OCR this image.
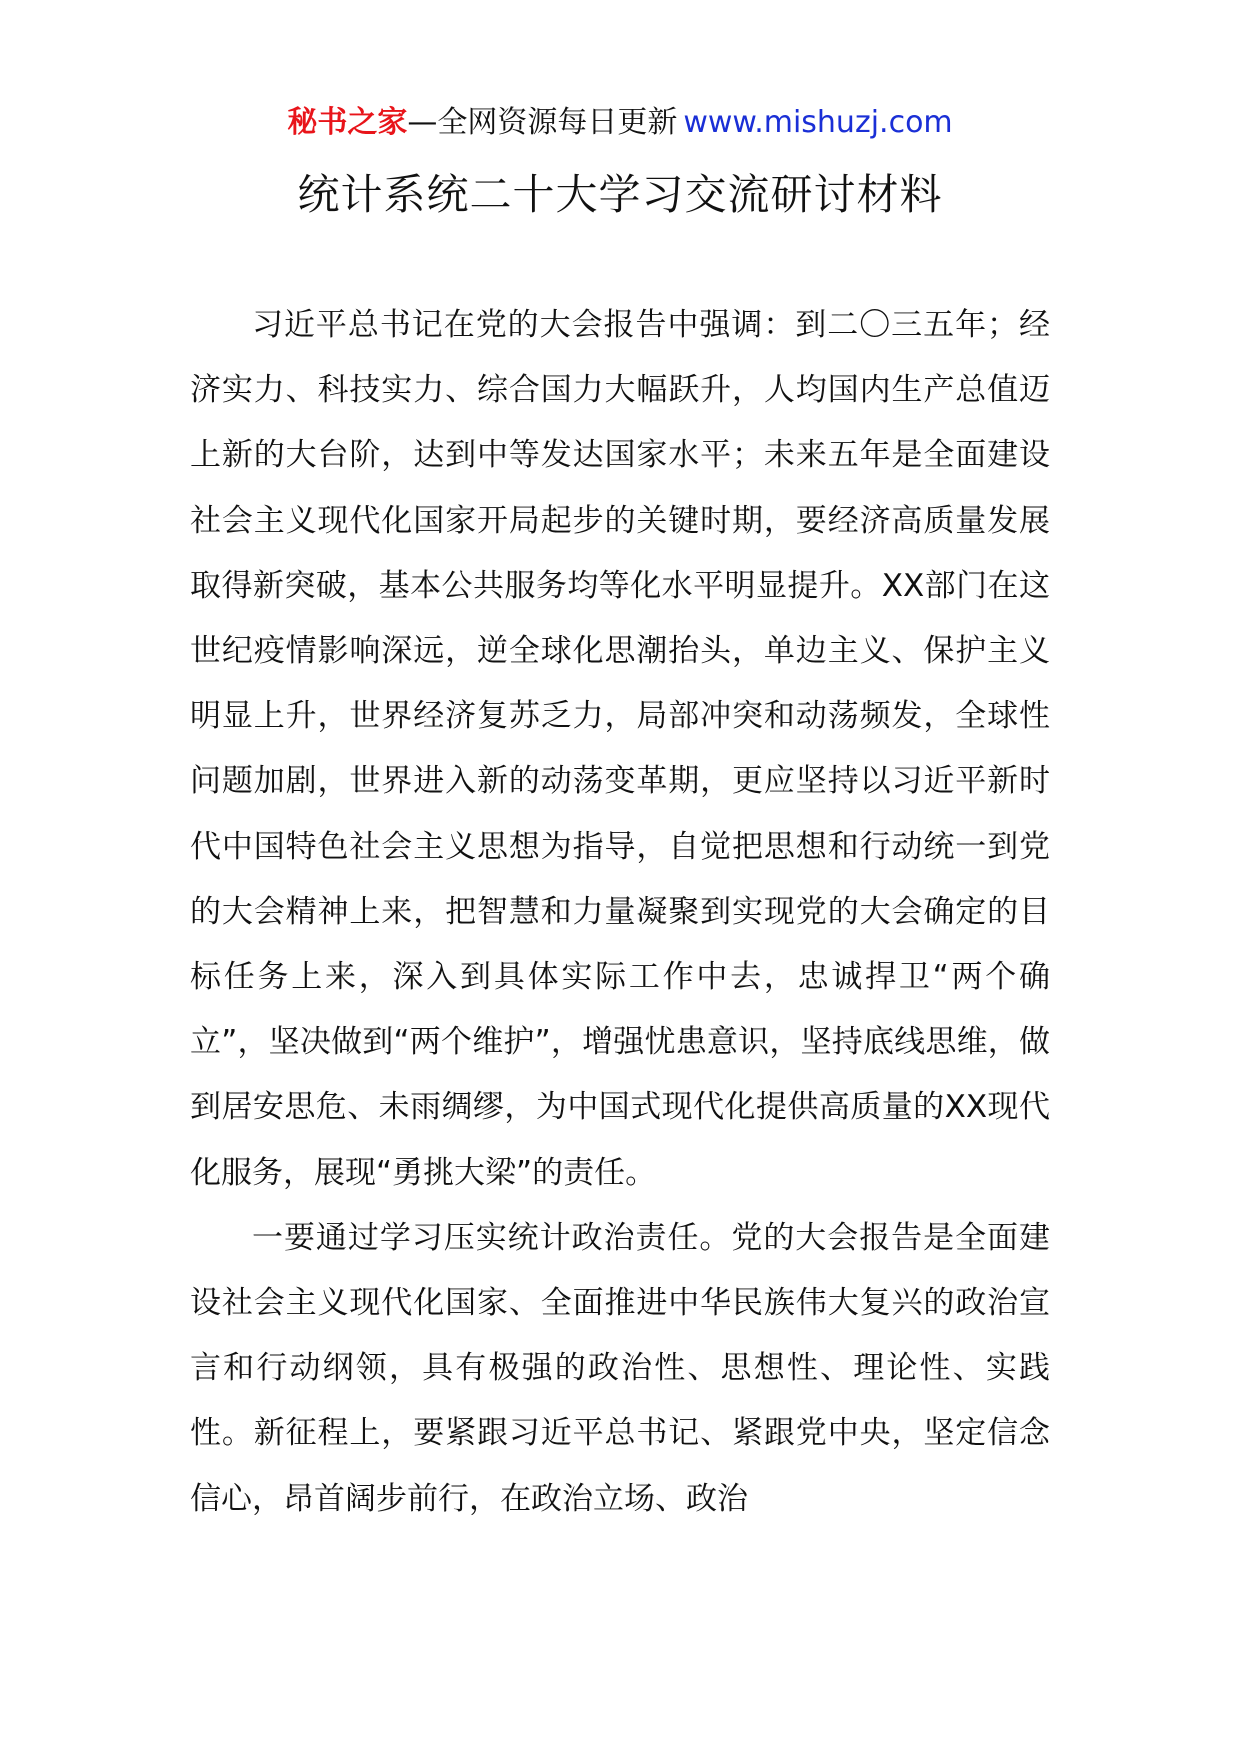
秘书之家—全网资源每日更新 www.mishuzj.com
统计系统二十大学习交流研讨材料

习近平总书记在党的大会报告中强调：到二〇三五年；经济实力、科技实力、综合国力大幅跃升，人均国内生产总值迈上新的大台阶，达到中等发达国家水平；未来五年是全面建设社会主义现代化国家开局起步的关键时期，要经济高质量发展取得新突破，基本公共服务均等化水平明显提升。XX部门在这世纪疫情影响深远，逆全球化思潮抬头，单边主义、保护主义明显上升，世界经济复苏乏力，局部冲突和动荡频发，全球性问题加剧，世界进入新的动荡变革期，更应坚持以习近平新时代中国特色社会主义思想为指导，自觉把思想和行动统一到党的大会精神上来，把智慧和力量凝聚到实现党的大会确定的目标任务上来，深入到具体实际工作中去，忠诚捍卫“两个确立”，坚决做到“两个维护”，增强忧患意识，坚持底线思维，做到居安思危、未雨绸缪，为中国式现代化提供高质量的XX现代化服务，展现“勇挑大梁”的责任。

一要通过学习压实统计政治责任。党的大会报告是全面建设社会主义现代化国家、全面推进中华民族伟大复兴的政治宣言和行动纲领，具有极强的政治性、思想性、理论性、实践性。新征程上，要紧跟习近平总书记、紧跟党中央，坚定信念信心，昂首阔步前行，在政治立场、政治
